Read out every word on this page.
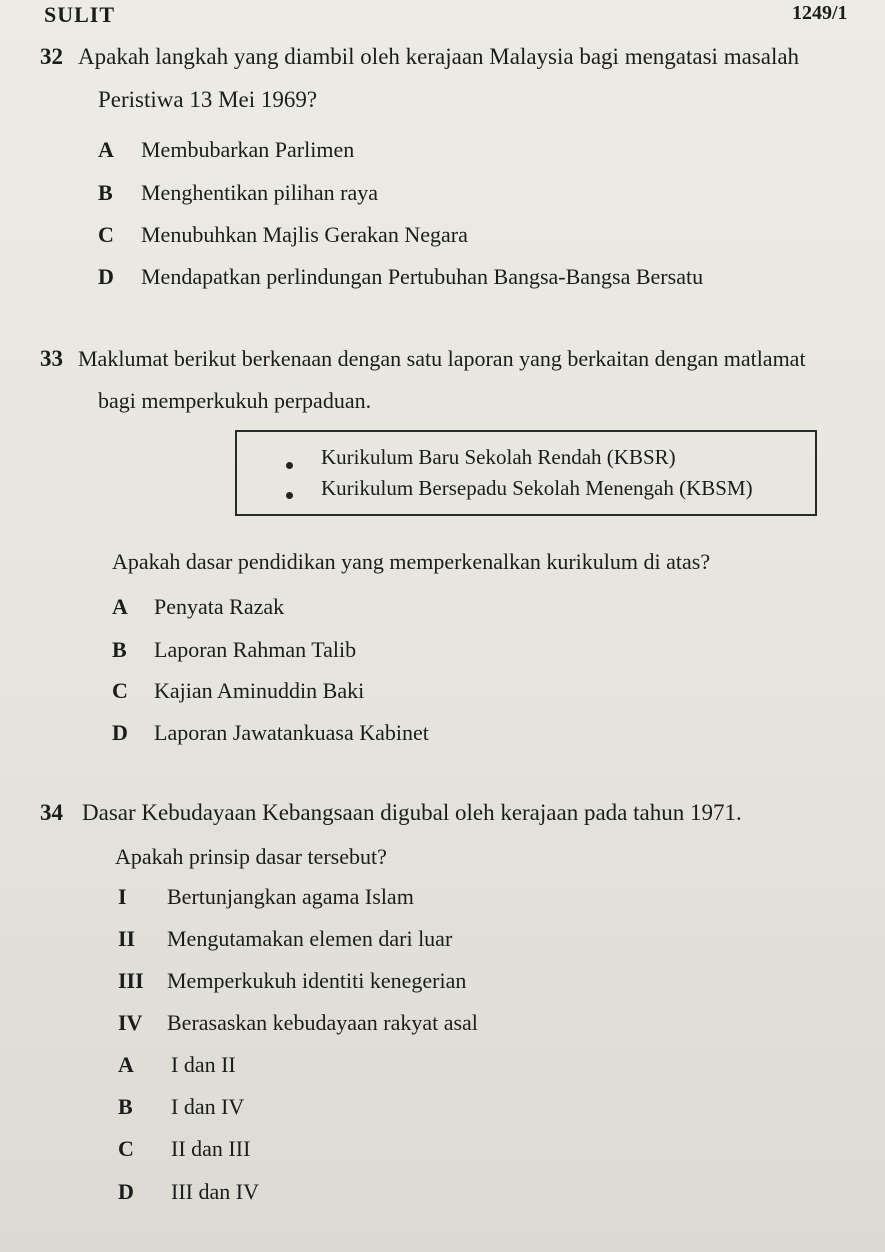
SULIT	1249/1
32 Apakah langkah yang diambil oleh kerajaan Malaysia bagi mengatasi masalah
Peristiwa 13 Mei 1969?
A Membubarkan Parlimen
B Menghentikan pilihan raya
C Menubuhkan Majlis Gerakan Negara
D Mendapatkan perlindungan Pertubuhan Bangsa-Bangsa Bersatu
33 Maklumat berikut berkenaan dengan satu laporan yang berkaitan dengan matlamat
bagi memperkukuh perpaduan.
Kurikulum Baru Sekolah Rendah (KBSR)
Kurikulum Bersepadu Sekolah Menengah (KBSM)
Apakah dasar pendidikan yang memperkenalkan kurikulum di atas?
A Penyata Razak
B Laporan Rahman Talib
C Kajian Aminuddin Baki
D Laporan Jawatankuasa Kabinet
34 Dasar Kebudayaan Kebangsaan digubal oleh kerajaan pada tahun 1971.
Apakah prinsip dasar tersebut?
I Bertunjangkan agama Islam
II Mengutamakan elemen dari luar
III Memperkukuh identiti kenegerian
IV Berasaskan kebudayaan rakyat asal
A I dan II
B I dan IV
C II dan III
D III dan IV
